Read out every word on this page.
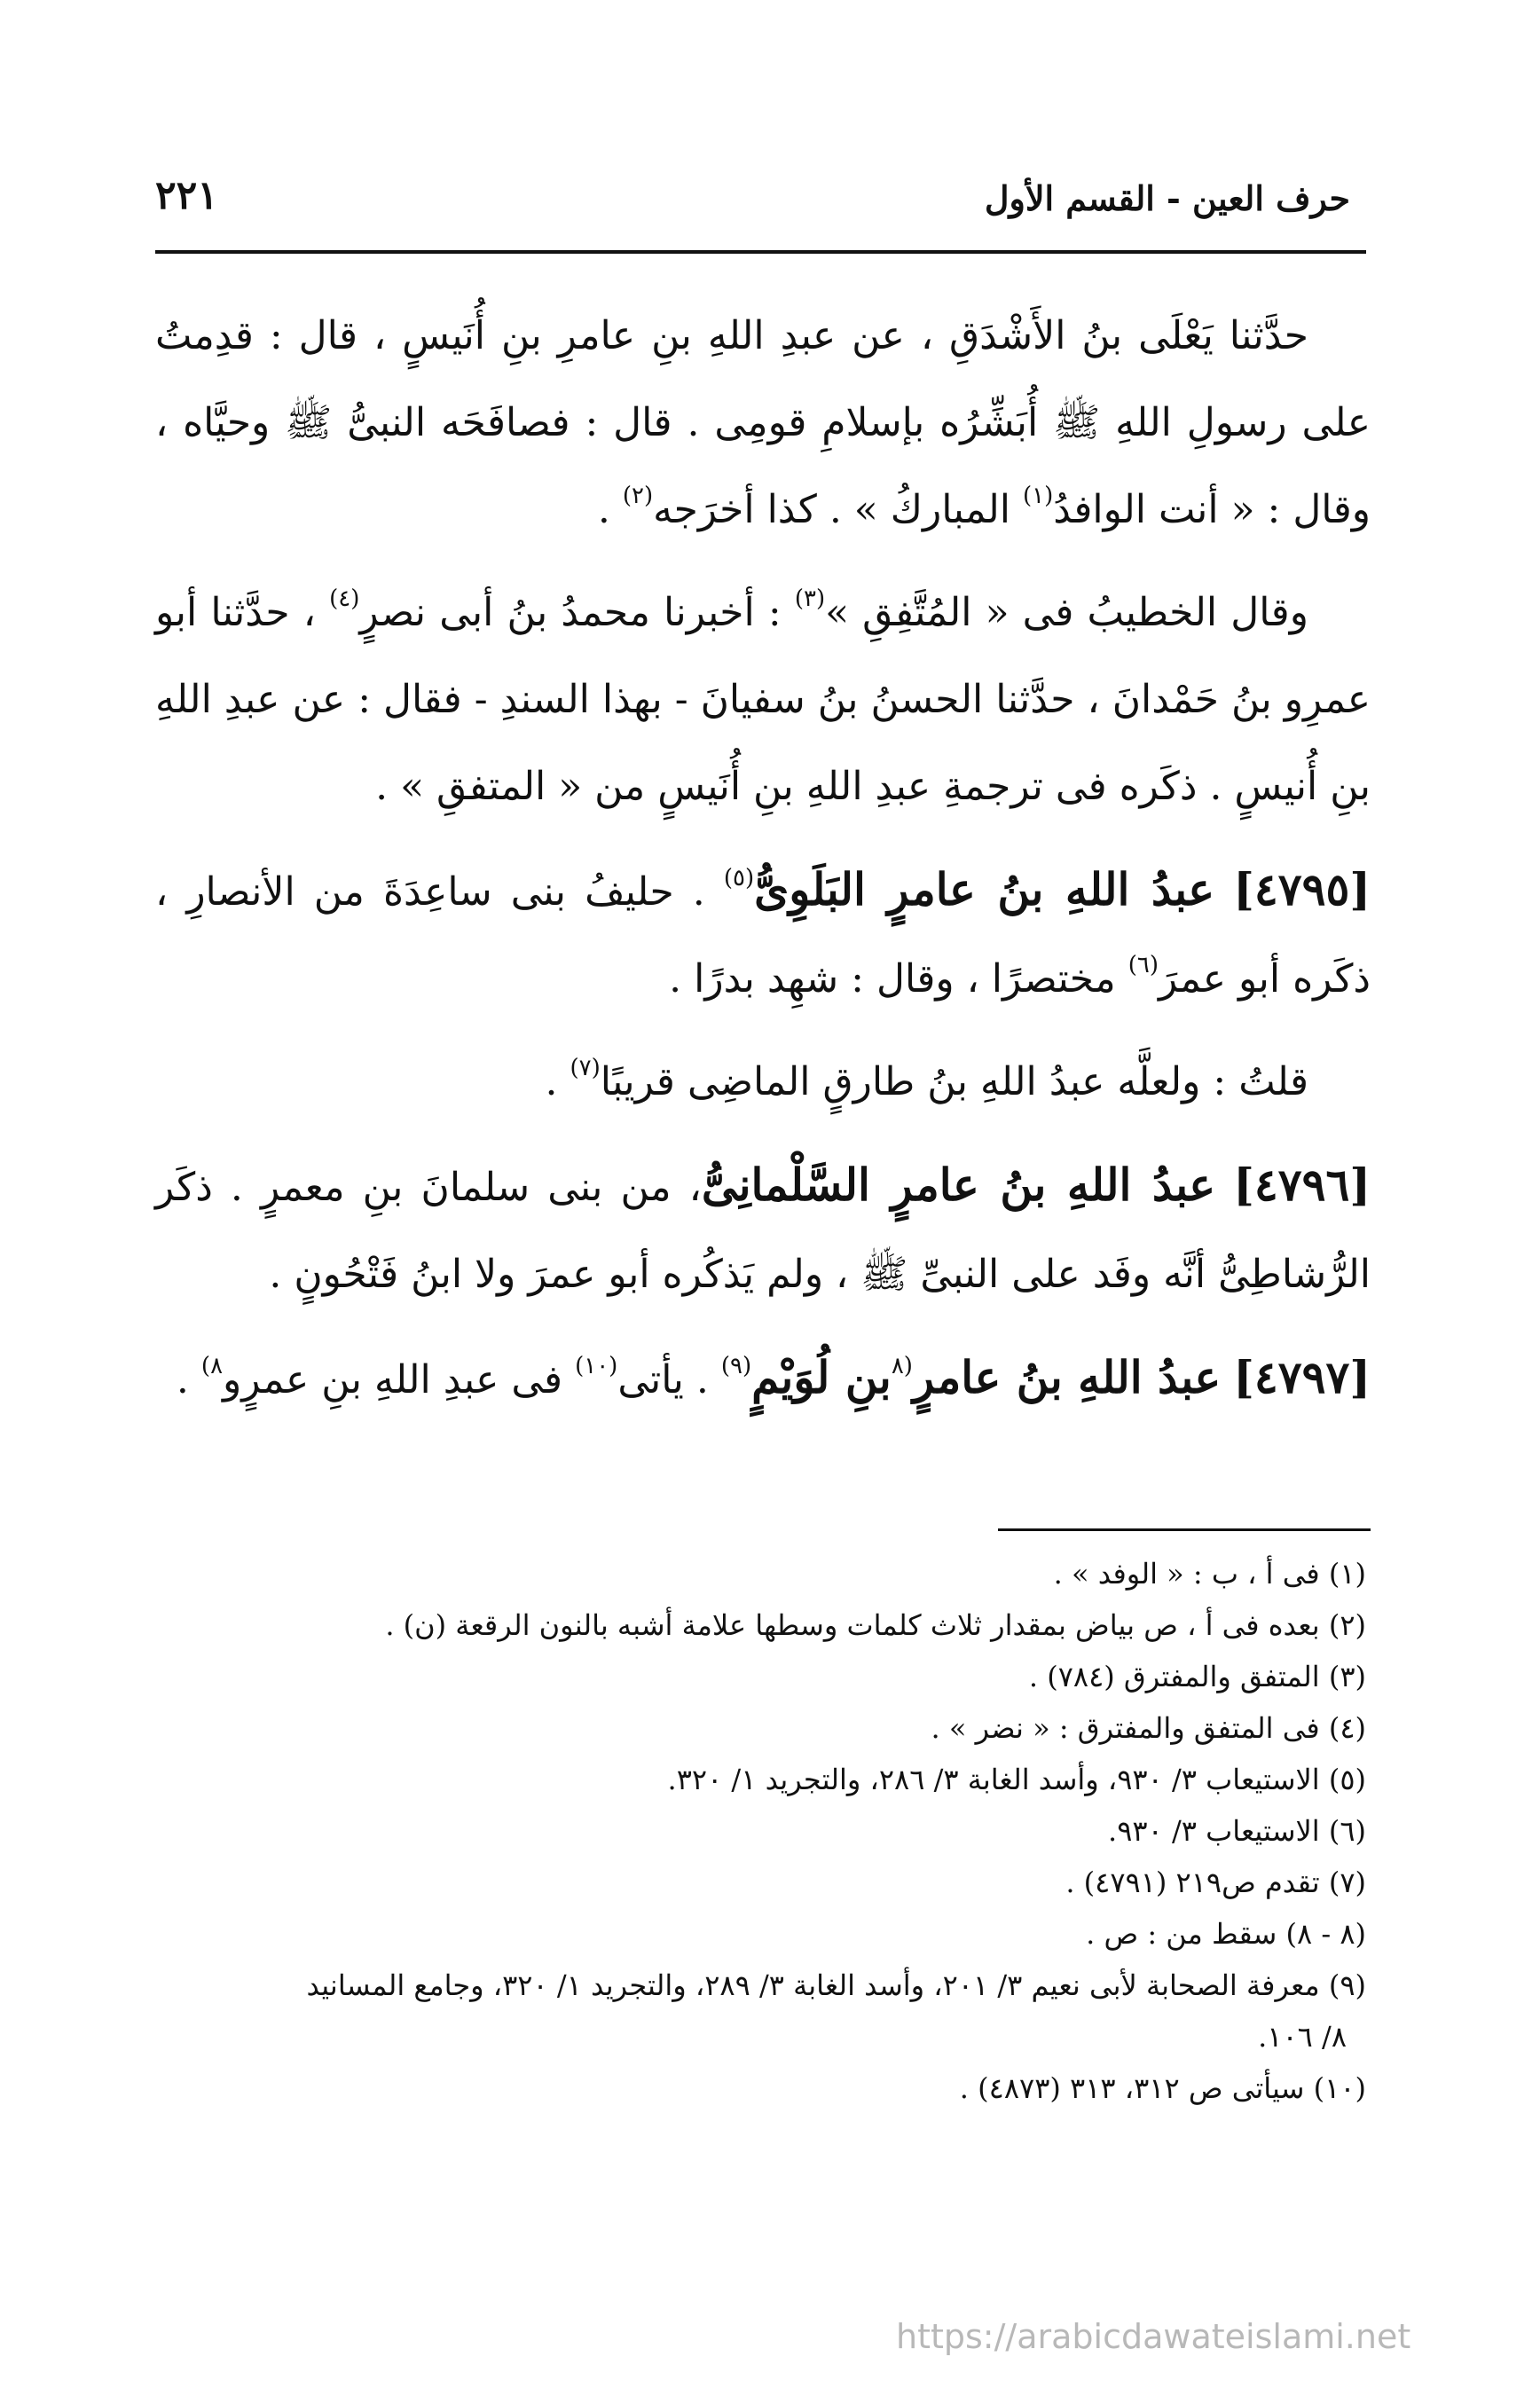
٢٢١	حرف العين - القسم الأول

حدَّثنا يَعْلَى بنُ الأَشْدَقِ ، عن عبدِ اللهِ بنِ عامرِ بنِ أُنَيسٍ ، قال : قدِمتُ على رسولِ اللهِ ﷺ أُبَشِّرُه بإسلامِ قومِى . قال : فصافَحَه النبىُّ ﷺ وحيَّاه ، وقال : « أنت الوافدُ$^{(١)}$ المباركُ » . كذا أخرَجه$^{(٢)}$ .

وقال الخطيبُ فى « المُتَّفِقِ »$^{(٣)}$ : أخبرنا محمدُ بنُ أبى نصرٍ$^{(٤)}$ ، حدَّثنا أبو عمرِو بنُ حَمْدانَ ، حدَّثنا الحسنُ بنُ سفيانَ - بهذا السندِ - فقال : عن عبدِ اللهِ بنِ أُنيسٍ . ذكَره فى ترجمةِ عبدِ اللهِ بنِ أُنَيسٍ من « المتفقِ » .

[٤٧٩٥] عبدُ اللهِ بنُ عامرٍ البَلَوِىُّ$^{(٥)}$ . حليفُ بنى ساعِدَةَ من الأنصارِ ، ذكَره أبو عمرَ$^{(٦)}$ مختصرًا ، وقال : شهِد بدرًا .

قلتُ : ولعلَّه عبدُ اللهِ بنُ طارقٍ الماضِى قريبًا$^{(٧)}$ .

[٤٧٩٦] عبدُ اللهِ بنُ عامرٍ السَّلْمانِىُّ، من بنى سلمانَ بنِ معمرٍ . ذكَر الرُّشاطِىُّ أنَّه وفَد على النبىِّ ﷺ ، ولم يَذكُره أبو عمرَ ولا ابنُ فَتْحُونٍ .

[٤٧٩٧] عبدُ اللهِ بنُ عامرٍ$^{(٨}$بنِ لُوَيْمٍ$^{(٩)}$ . يأتى$^{(١٠)}$ فى عبدِ اللهِ بنِ عمرٍو$^{٨)}$ .

(١) فى أ ، ب : « الوفد » .

(٢) بعده فى أ ، ص بياض بمقدار ثلاث كلمات وسطها علامة أشبه بالنون الرقعة (ن) .

(٣) المتفق والمفترق (٧٨٤) .

(٤) فى المتفق والمفترق : « نضر » .

(٥) الاستيعاب ٣/ ٩٣٠، وأسد الغابة ٣/ ٢٨٦، والتجريد ١/ ٣٢٠.

(٦) الاستيعاب ٣/ ٩٣٠.

(٧) تقدم ص٢١٩ (٤٧٩١) .

(٨ - ٨) سقط من : ص .

(٩) معرفة الصحابة لأبى نعيم ٣/ ٢٠١، وأسد الغابة ٣/ ٢٨٩، والتجريد ١/ ٣٢٠، وجامع المسانيد

٨/ ١٠٦.

(١٠) سيأتى ص ٣١٢، ٣١٣ (٤٨٧٣) .

https://arabicdawateislami.net
